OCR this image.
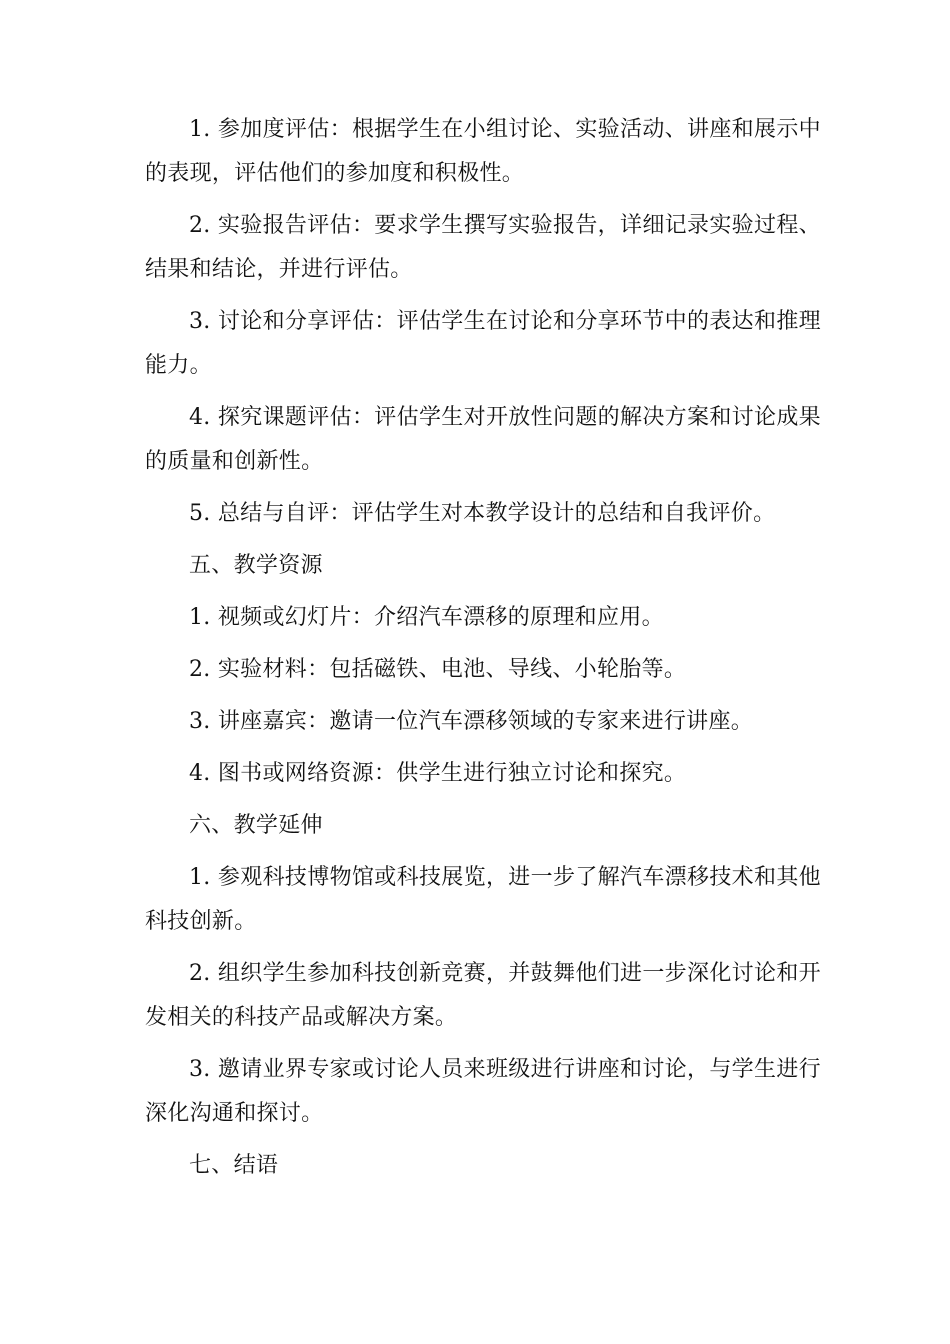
1. 参加度评估：根据学生在小组讨论、实验活动、讲座和展示中的表现，评估他们的参加度和积极性。

2. 实验报告评估：要求学生撰写实验报告，详细记录实验过程、结果和结论，并进行评估。

3. 讨论和分享评估：评估学生在讨论和分享环节中的表达和推理能力。

4. 探究课题评估：评估学生对开放性问题的解决方案和讨论成果的质量和创新性。

5. 总结与自评：评估学生对本教学设计的总结和自我评价。

五、教学资源

1. 视频或幻灯片：介绍汽车漂移的原理和应用。

2. 实验材料：包括磁铁、电池、导线、小轮胎等。

3. 讲座嘉宾：邀请一位汽车漂移领域的专家来进行讲座。

4. 图书或网络资源：供学生进行独立讨论和探究。

六、教学延伸

1. 参观科技博物馆或科技展览，进一步了解汽车漂移技术和其他科技创新。

2. 组织学生参加科技创新竞赛，并鼓舞他们进一步深化讨论和开发相关的科技产品或解决方案。

3. 邀请业界专家或讨论人员来班级进行讲座和讨论，与学生进行深化沟通和探讨。

七、结语
